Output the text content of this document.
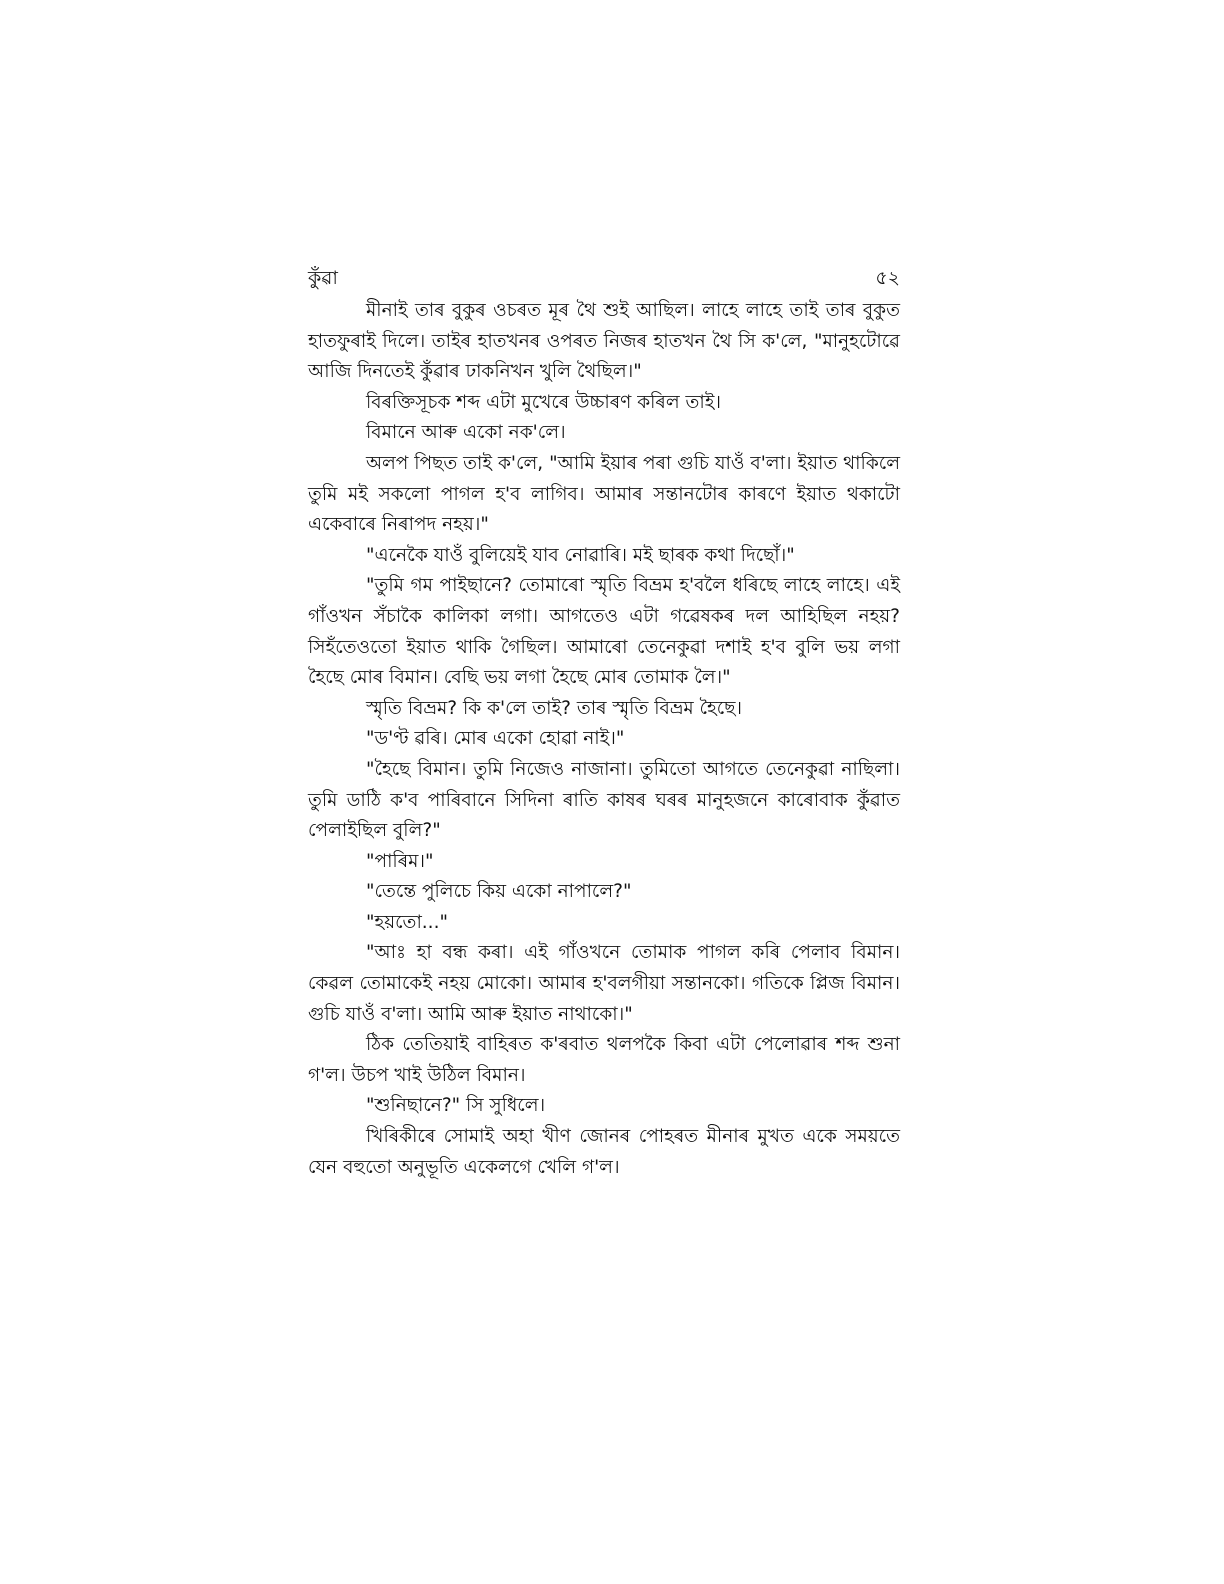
কুঁৱা	৫২

মীনাই তাৰ বুকুৰ ওচৰত মূৰ থৈ শুই আছিল। লাহে লাহে তাই তাৰ বুকুত হাতফুৰাই দিলে। তাইৰ হাতখনৰ ওপৰত নিজৰ হাতখন থৈ সি ক'লে, "মানুহটোৱে আজি দিনতেই কুঁৱাৰ ঢাকনিখন খুলি থৈছিল।"

বিৰক্তিসূচক শব্দ এটা মুখেৰে উচ্চাৰণ কৰিল তাই।

বিমানে আৰু একো নক'লে।

অলপ পিছত তাই ক'লে, "আমি ইয়াৰ পৰা গুচি যাওঁ ব'লা। ইয়াত থাকিলে তুমি মই সকলো পাগল হ'ব লাগিব। আমাৰ সন্তানটোৰ কাৰণে ইয়াত থকাটো একেবাৰে নিৰাপদ নহয়।"

"এনেকৈ যাওঁ বুলিয়েই যাব নোৱাৰি। মই ছাৰক কথা দিছোঁ।"

"তুমি গম পাইছানে? তোমাৰো স্মৃতি বিভ্ৰম হ'বলৈ ধৰিছে লাহে লাহে। এই গাঁওখন সঁচাকৈ কালিকা লগা। আগতেও এটা গৱেষকৰ দল আহিছিল নহয়? সিহঁতেওতো ইয়াত থাকি গৈছিল। আমাৰো তেনেকুৱা দশাই হ'ব বুলি ভয় লগা হৈছে মোৰ বিমান। বেছি ভয় লগা হৈছে মোৰ তোমাক লৈ।"

স্মৃতি বিভ্ৰম? কি ক'লে তাই? তাৰ স্মৃতি বিভ্ৰম হৈছে।

"ড'ণ্ট ৱৰি। মোৰ একো হোৱা নাই।"

"হৈছে বিমান। তুমি নিজেও নাজানা। তুমিতো আগতে তেনেকুৱা নাছিলা। তুমি ডাঠি ক'ব পাৰিবানে সিদিনা ৰাতি কাষৰ ঘৰৰ মানুহজনে কাৰোবাক কুঁৱাত পেলাইছিল বুলি?"

"পাৰিম।"

"তেন্তে পুলিচে কিয় একো নাপালে?"

"হয়তো..."

"আঃ হা বন্ধ কৰা। এই গাঁওখনে তোমাক পাগল কৰি পেলাব বিমান। কেৱল তোমাকেই নহয় মোকো। আমাৰ হ'বলগীয়া সন্তানকো। গতিকে প্লিজ বিমান। গুচি যাওঁ ব'লা। আমি আৰু ইয়াত নাথাকো।"

ঠিক তেতিয়াই বাহিৰত ক'ৰবাত থলপকৈ কিবা এটা পেলোৱাৰ শব্দ শুনা গ'ল। উচপ খাই উঠিল বিমান।

"শুনিছানে?" সি সুধিলে।

খিৰিকীৰে সোমাই অহা খীণ জোনৰ পোহৰত মীনাৰ মুখত একে সময়তে যেন বহুতো অনুভূতি একেলগে খেলি গ'ল।
